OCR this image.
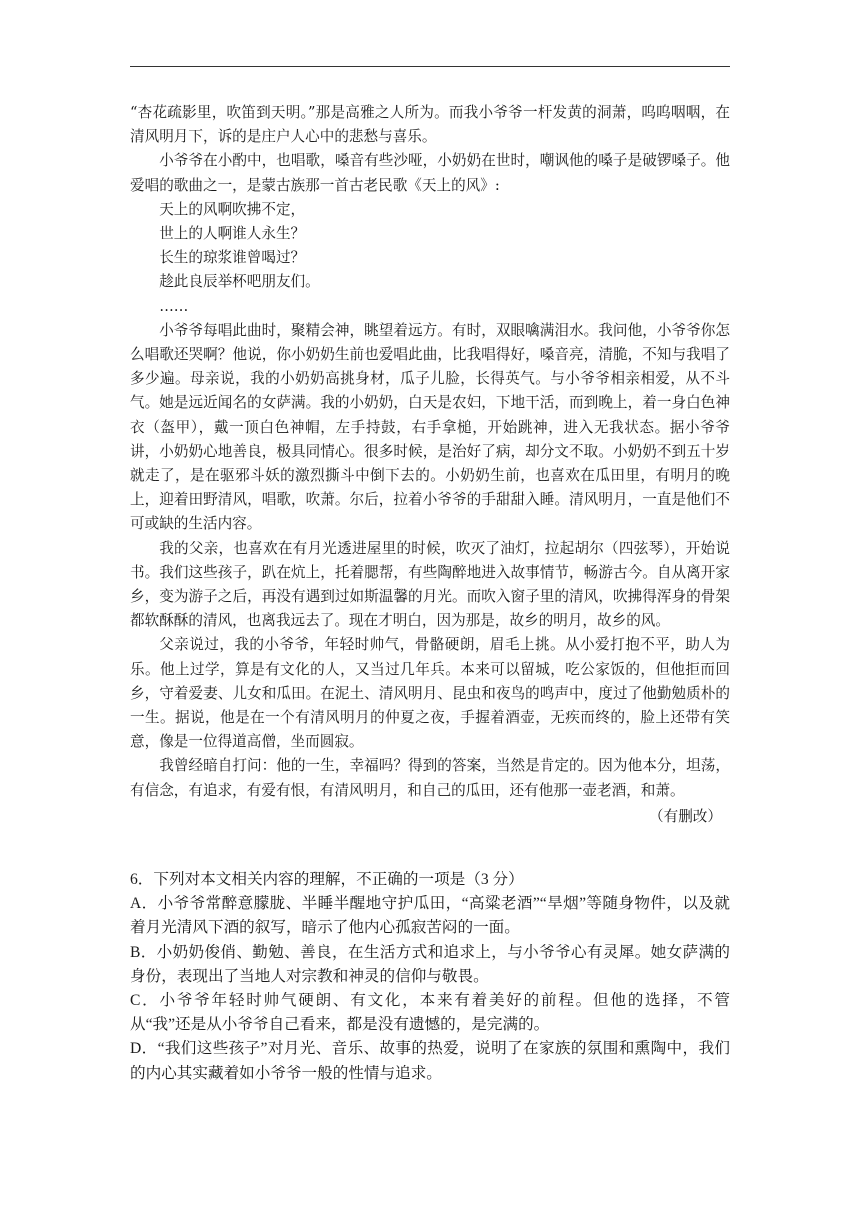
“杏花疏影里，吹笛到天明。”那是高雅之人所为。而我小爷爷一杆发黄的洞萧，呜呜咽咽，在清风明月下，诉的是庄户人心中的悲愁与喜乐。

小爷爷在小酌中，也唱歌，嗓音有些沙哑，小奶奶在世时，嘲讽他的嗓子是破锣嗓子。他爱唱的歌曲之一，是蒙古族那一首古老民歌《天上的风》:

天上的风啊吹拂不定，

世上的人啊谁人永生？

长生的琼浆谁曾喝过？

趁此良辰举杯吧朋友们。

……

小爷爷每唱此曲时，聚精会神，眺望着远方。有时，双眼噙满泪水。我问他，小爷爷你怎么唱歌还哭啊？他说，你小奶奶生前也爱唱此曲，比我唱得好，嗓音亮，清脆，不知与我唱了多少遍。母亲说，我的小奶奶高挑身材，瓜子儿脸，长得英气。与小爷爷相亲相爱，从不斗气。她是远近闻名的女萨满。我的小奶奶，白天是农妇，下地干活，而到晚上，着一身白色神衣（盔甲），戴一顶白色神帽，左手持鼓，右手拿槌，开始跳神，进入无我状态。据小爷爷讲，小奶奶心地善良，极具同情心。很多时候，是治好了病，却分文不取。小奶奶不到五十岁就走了，是在驱邪斗妖的激烈撕斗中倒下去的。小奶奶生前，也喜欢在瓜田里，有明月的晚上，迎着田野清风，唱歌，吹萧。尔后，拉着小爷爷的手甜甜入睡。清风明月，一直是他们不可或缺的生活内容。

我的父亲，也喜欢在有月光透进屋里的时候，吹灭了油灯，拉起胡尔（四弦琴），开始说书。我们这些孩子，趴在炕上，托着腮帮，有些陶醉地进入故事情节，畅游古今。自从离开家乡，变为游子之后，再没有遇到过如斯温馨的月光。而吹入窗子里的清风，吹拂得浑身的骨架都软酥酥的清风，也离我远去了。现在才明白，因为那是，故乡的明月，故乡的风。

父亲说过，我的小爷爷，年轻时帅气，骨骼硬朗，眉毛上挑。从小爱打抱不平，助人为乐。他上过学，算是有文化的人，又当过几年兵。本来可以留城，吃公家饭的，但他拒而回乡，守着爱妻、儿女和瓜田。在泥土、清风明月、昆虫和夜鸟的鸣声中，度过了他勤勉质朴的一生。据说，他是在一个有清风明月的仲夏之夜，手握着酒壶，无疾而终的，脸上还带有笑意，像是一位得道高僧，坐而圆寂。

我曾经暗自打问：他的一生，幸福吗？得到的答案，当然是肯定的。因为他本分，坦荡，有信念，有追求，有爱有恨，有清风明月，和自己的瓜田，还有他那一壶老酒，和萧。

（有删改）

6．下列对本文相关内容的理解，不正确的一项是（3 分）

A．小爷爷常醉意朦胧、半睡半醒地守护瓜田，“高粱老酒”“旱烟”等随身物件，以及就着月光清风下酒的叙写，暗示了他内心孤寂苦闷的一面。

B．小奶奶俊俏、勤勉、善良，在生活方式和追求上，与小爷爷心有灵犀。她女萨满的身份，表现出了当地人对宗教和神灵的信仰与敬畏。

C．小爷爷年轻时帅气硬朗、有文化，本来有着美好的前程。但他的选择，不管从“我”还是从小爷爷自己看来，都是没有遗憾的，是完满的。

D．“我们这些孩子”对月光、音乐、故事的热爱，说明了在家族的氛围和熏陶中，我们的内心其实藏着如小爷爷一般的性情与追求。
